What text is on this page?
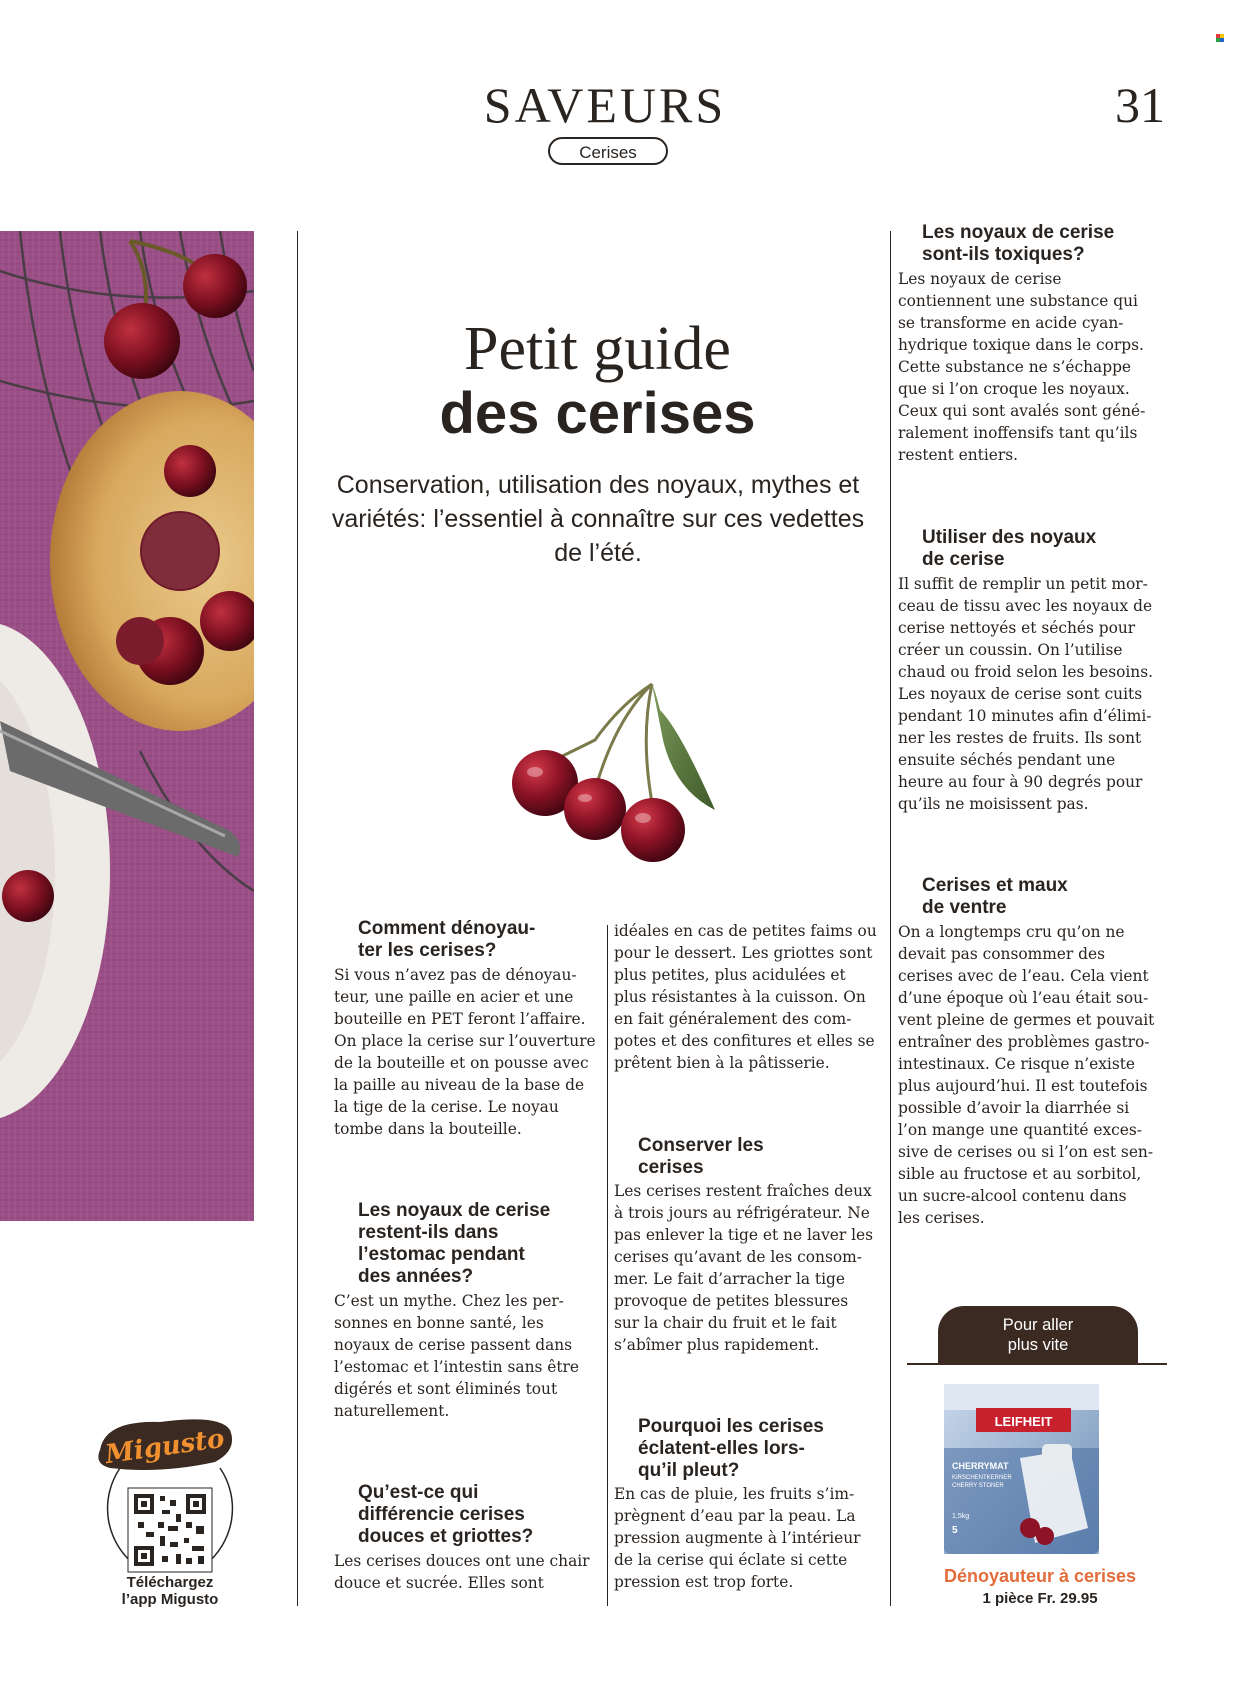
SAVEURS
Cerises
31
Petit guide
des cerises
Conservation, utilisation des noyaux, mythes et variétés: l’essentiel à connaître sur ces vedettes de l’été.
Comment dénoyau-
ter les cerises?
Si vous n’avez pas de dénoyau-
teur, une paille en acier et une
bouteille en PET feront l’affaire.
On place la cerise sur l’ouverture
de la bouteille et on pousse avec
la paille au niveau de la base de
la tige de la cerise. Le noyau
tombe dans la bouteille.
Les noyaux de cerise
restent-ils dans
l’estomac pendant
des années?
C’est un mythe. Chez les per-
sonnes en bonne santé, les
noyaux de cerise passent dans
l’estomac et l’intestin sans être
digérés et sont éliminés tout
naturellement.
Qu’est-ce qui
différencie cerises
douces et griottes?
Les cerises douces ont une chair
douce et sucrée. Elles sont
idéales en cas de petites faims ou
pour le dessert. Les griottes sont
plus petites, plus acidulées et
plus résistantes à la cuisson. On
en fait généralement des com-
potes et des confitures et elles se
prêtent bien à la pâtisserie.
Conserver les
cerises
Les cerises restent fraîches deux
à trois jours au réfrigérateur. Ne
pas enlever la tige et ne laver les
cerises qu’avant de les consom-
mer. Le fait d’arracher la tige
provoque de petites blessures
sur la chair du fruit et le fait
s’abîmer plus rapidement.
Pourquoi les cerises
éclatent-elles lors-
qu’il pleut?
En cas de pluie, les fruits s’im-
prègnent d’eau par la peau. La
pression augmente à l’intérieur
de la cerise qui éclate si cette
pression est trop forte.
Les noyaux de cerise
sont-ils toxiques?
Les noyaux de cerise
contiennent une substance qui
se transforme en acide cyan-
hydrique toxique dans le corps.
Cette substance ne s’échappe
que si l’on croque les noyaux.
Ceux qui sont avalés sont géné-
ralement inoffensifs tant qu’ils
restent entiers.
Utiliser des noyaux
de cerise
Il suffit de remplir un petit mor-
ceau de tissu avec les noyaux de
cerise nettoyés et séchés pour
créer un coussin. On l’utilise
chaud ou froid selon les besoins.
Les noyaux de cerise sont cuits
pendant 10 minutes afin d’élimi-
ner les restes de fruits. Ils sont
ensuite séchés pendant une
heure au four à 90 degrés pour
qu’ils ne moisissent pas.
Cerises et maux
de ventre
On a longtemps cru qu’on ne
devait pas consommer des
cerises avec de l’eau. Cela vient
d’une époque où l’eau était sou-
vent pleine de germes et pouvait
entraîner des problèmes gastro-
intestinaux. Ce risque n’existe
plus aujourd’hui. Il est toutefois
possible d’avoir la diarrhée si
l’on mange une quantité exces-
sive de cerises ou si l’on est sen-
sible au fructose et au sorbitol,
un sucre-alcool contenu dans
les cerises.
Pour aller
plus vite
LEIFHEIT
CHERRYMAT
KIRSCHENTKERNER
CHERRY STONER
1,5kg
5
Dénoyauteur à cerises
1 pièce Fr. 29.95
Migusto
Téléchargez
l’app Migusto
